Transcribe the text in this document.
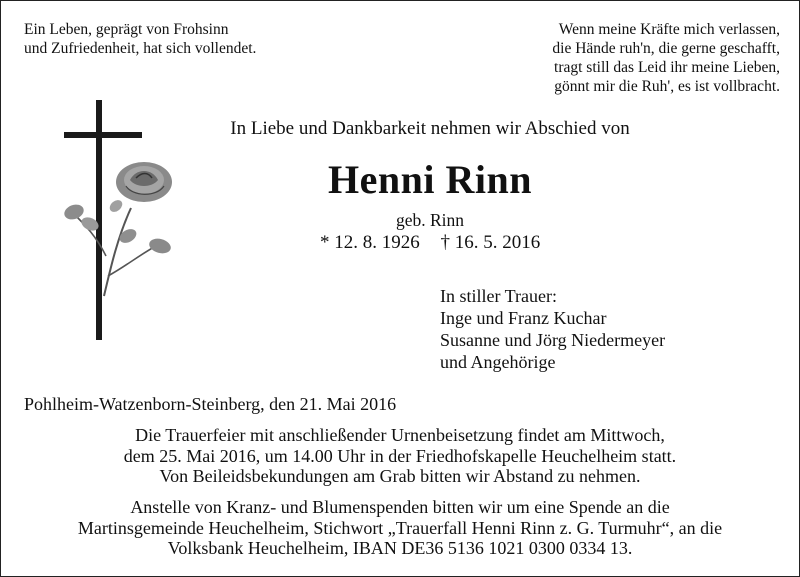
Ein Leben, geprägt von Frohsinn
und Zufriedenheit, hat sich vollendet.
Wenn meine Kräfte mich verlassen,
die Hände ruh'n, die gerne geschafft,
tragt still das Leid ihr meine Lieben,
gönnt mir die Ruh', es ist vollbracht.
In Liebe und Dankbarkeit nehmen wir Abschied von
Henni Rinn
geb. Rinn
* 12. 8. 1926 † 16. 5. 2016
In stiller Trauer:
Inge und Franz Kuchar
Susanne und Jörg Niedermeyer
und Angehörige
Pohlheim-Watzenborn-Steinberg, den 21. Mai 2016
Die Trauerfeier mit anschließender Urnenbeisetzung findet am Mittwoch,
dem 25. Mai 2016, um 14.00 Uhr in der Friedhofskapelle Heuchelheim statt.
Von Beileidsbekundungen am Grab bitten wir Abstand zu nehmen.
Anstelle von Kranz- und Blumenspenden bitten wir um eine Spende an die
Martinsgemeinde Heuchelheim, Stichwort „Trauerfall Henni Rinn z. G. Turmuhr“, an die
Volksbank Heuchelheim, IBAN DE36 5136 1021 0300 0334 13.
